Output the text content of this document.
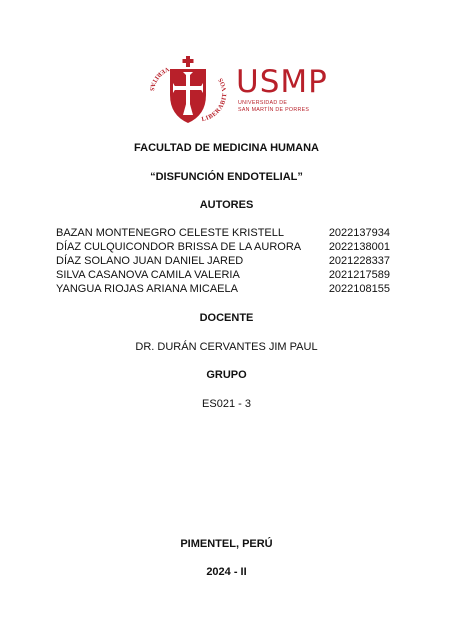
VERITAS
LIBERABIT VOS USMP
UNIVERSIDAD DE
SAN MARTÍN DE PORRES
FACULTAD DE MEDICINA HUMANA
“DISFUNCIÓN ENDOTELIAL”
AUTORES
BAZAN MONTENEGRO CELESTE KRISTELL	2022137934
DÍAZ CULQUICONDOR BRISSA DE LA AURORA	2022138001
DÍAZ SOLANO JUAN DANIEL JARED	2021228337
SILVA CASANOVA CAMILA VALERIA	2021217589
YANGUA RIOJAS ARIANA MICAELA	2022108155
DOCENTE
DR. DURÁN CERVANTES JIM PAUL
GRUPO
ES021 - 3
PIMENTEL, PERÚ
2024 - II
